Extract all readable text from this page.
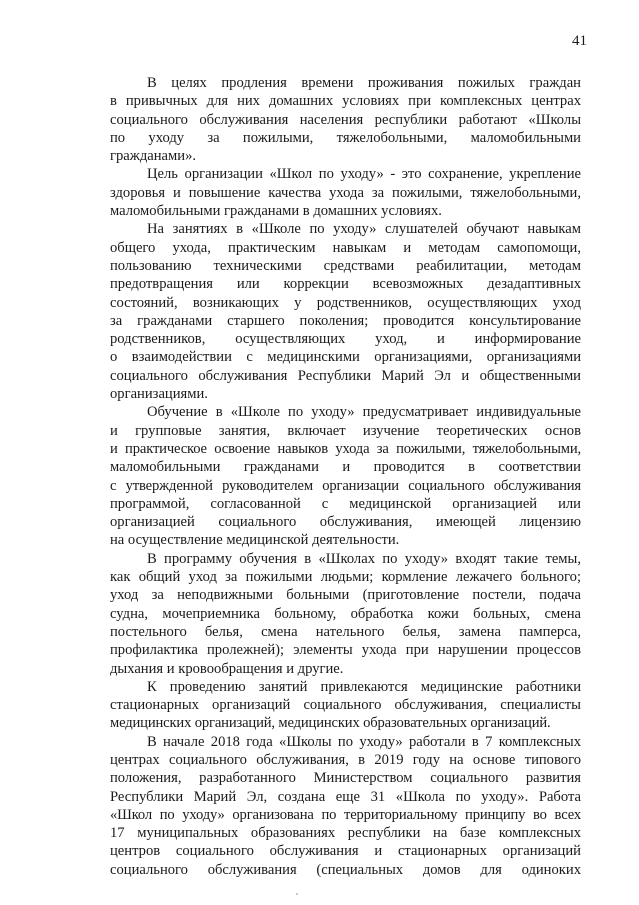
41

В целях продления времени проживания пожилых граждан
в привычных для них домашних условиях при комплексных центрах
социального обслуживания населения республики работают «Школы
по уходу за пожилыми, тяжелобольными, маломобильными
гражданами».

Цель организации «Школ по уходу» - это сохранение, укрепление
здоровья и повышение качества ухода за пожилыми, тяжелобольными,
маломобильными гражданами в домашних условиях.

На занятиях в «Школе по уходу» слушателей обучают навыкам
общего ухода, практическим навыкам и методам самопомощи,
пользованию техническими средствами реабилитации, методам
предотвращения или коррекции всевозможных дезадаптивных
состояний, возникающих у родственников, осуществляющих уход
за гражданами старшего поколения; проводится консультирование
родственников, осуществляющих уход, и информирование
о взаимодействии с медицинскими организациями, организациями
социального обслуживания Республики Марий Эл и общественными
организациями.

Обучение в «Школе по уходу» предусматривает индивидуальные
и групповые занятия, включает изучение теоретических основ
и практическое освоение навыков ухода за пожилыми, тяжелобольными,
маломобильными гражданами и проводится в соответствии
с утвержденной руководителем организации социального обслуживания
программой, согласованной с медицинской организацией или
организацией социального обслуживания, имеющей лицензию
на осуществление медицинской деятельности.

В программу обучения в «Школах по уходу» входят такие темы,
как общий уход за пожилыми людьми; кормление лежачего больного;
уход за неподвижными больными (приготовление постели, подача
судна, мочеприемника больному, обработка кожи больных, смена
постельного белья, смена нательного белья, замена памперса,
профилактика пролежней); элементы ухода при нарушении процессов
дыхания и кровообращения и другие.

К проведению занятий привлекаются медицинские работники
стационарных организаций социального обслуживания, специалисты
медицинских организаций, медицинских образовательных организаций.

В начале 2018 года «Школы по уходу» работали в 7 комплексных
центрах социального обслуживания, в 2019 году на основе типового
положения, разработанного Министерством социального развития
Республики Марий Эл, создана еще 31 «Школа по уходу». Работа
«Школ по уходу» организована по территориальному принципу во всех
17 муниципальных образованиях республики на базе комплексных
центров социального обслуживания и стационарных организаций
социального обслуживания (специальных домов для одиноких
